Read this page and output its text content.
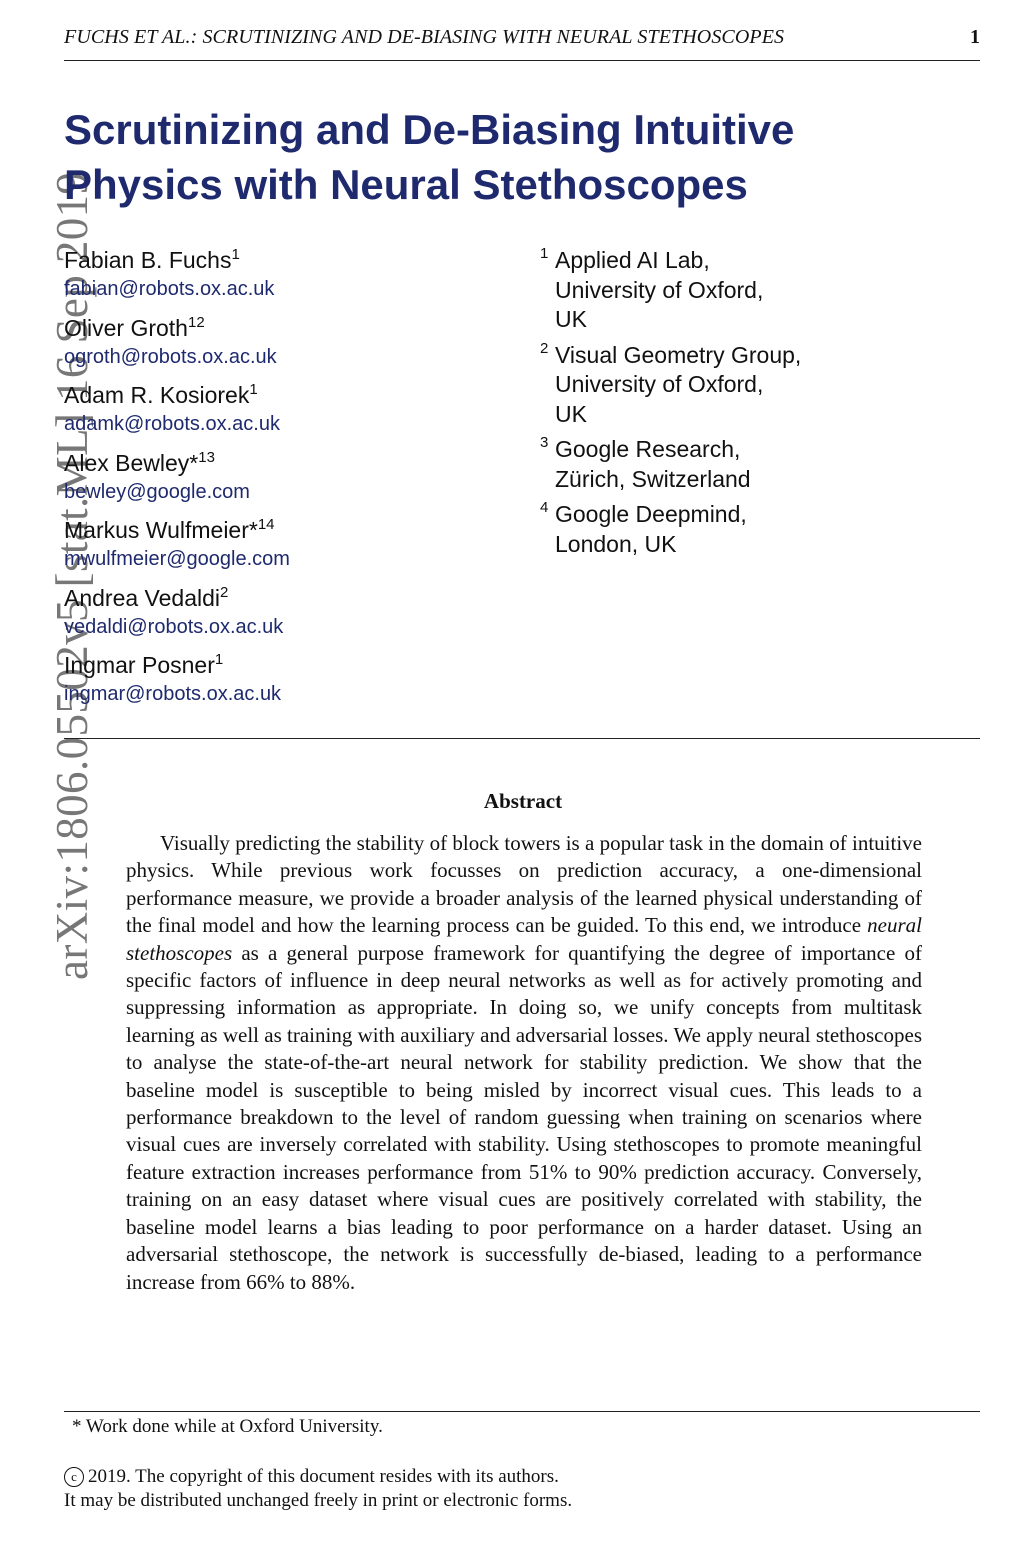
FUCHS ET AL.: SCRUTINIZING AND DE-BIASING WITH NEURAL STETHOSCOPES	1
arXiv:1806.05502v5 [stat.ML] 16 Sep 2019
Scrutinizing and De-Biasing Intuitive
Physics with Neural Stethoscopes
Fabian B. Fuchs$^1$
fabian@robots.ox.ac.uk
Oliver Groth$^{12}$
ogroth@robots.ox.ac.uk
Adam R. Kosiorek$^1$
adamk@robots.ox.ac.uk
Alex Bewley*$^{13}$
bewley@google.com
Markus Wulfmeier*$^{14}$
mwulfmeier@google.com
Andrea Vedaldi$^2$
vedaldi@robots.ox.ac.uk
Ingmar Posner$^1$
ingmar@robots.ox.ac.uk
1 Applied AI Lab,
University of Oxford,
UK
2 Visual Geometry Group,
University of Oxford,
UK
3 Google Research,
Zürich, Switzerland
4 Google Deepmind,
London, UK
Abstract
Visually predicting the stability of block towers is a popular task in the domain of intuitive physics. While previous work focusses on prediction accuracy, a one-dimensional performance measure, we provide a broader analysis of the learned physical understanding of the final model and how the learning process can be guided. To this end, we introduce neural stethoscopes as a general purpose framework for quantifying the degree of importance of specific factors of influence in deep neural networks as well as for actively promoting and suppressing information as appropriate. In doing so, we unify concepts from multitask learning as well as training with auxiliary and adversarial losses. We apply neural stethoscopes to analyse the state-of-the-art neural network for stability prediction. We show that the baseline model is susceptible to being misled by incorrect visual cues. This leads to a performance breakdown to the level of random guessing when training on scenarios where visual cues are inversely correlated with stability. Using stethoscopes to promote meaningful feature extraction increases performance from 51% to 90% prediction accuracy. Conversely, training on an easy dataset where visual cues are positively correlated with stability, the baseline model learns a bias leading to poor performance on a harder dataset. Using an adversarial stethoscope, the network is successfully de-biased, leading to a performance increase from 66% to 88%.
* Work done while at Oxford University.
c 2019. The copyright of this document resides with its authors.
It may be distributed unchanged freely in print or electronic forms.
